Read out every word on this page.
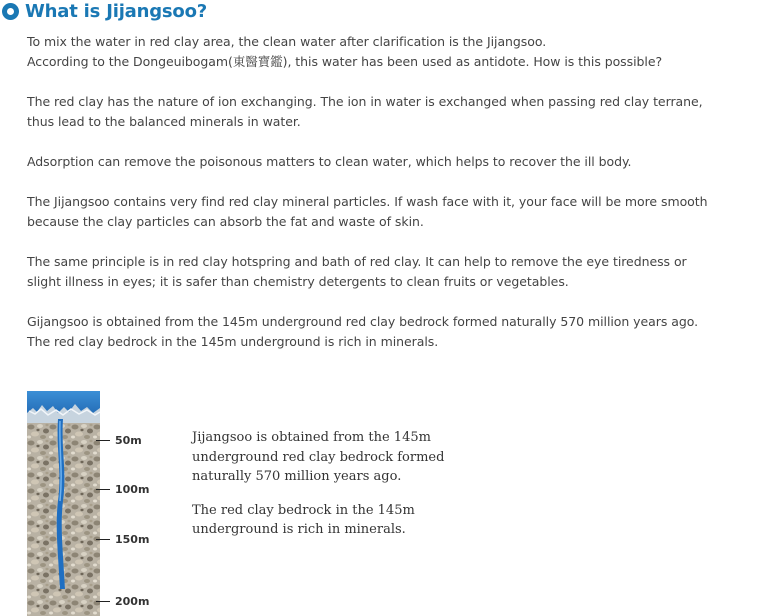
What is Jijangsoo?
To mix the water in red clay area, the clean water after clarification is the Jijangsoo.
According to the Dongeuibogam(東醫寶鑑), this water has been used as antidote. How is this possible?
The red clay has the nature of ion exchanging. The ion in water is exchanged when passing red clay terrane,
thus lead to the balanced minerals in water.
Adsorption can remove the poisonous matters to clean water, which helps to recover the ill body.
The Jijangsoo contains very find red clay mineral particles. If wash face with it, your face will be more smooth
because the clay particles can absorb the fat and waste of skin.
The same principle is in red clay hotspring and bath of red clay. It can help to remove the eye tiredness or
slight illness in eyes; it is safer than chemistry detergents to clean fruits or vegetables.
Gijangsoo is obtained from the 145m underground red clay bedrock formed naturally 570 million years ago.
The red clay bedrock in the 145m underground is rich in minerals.
50m
100m
150m
200m

Jijangsoo is obtained from the 145m
underground red clay bedrock formed
naturally 570 million years ago.

The red clay bedrock in the 145m
underground is rich in minerals.
